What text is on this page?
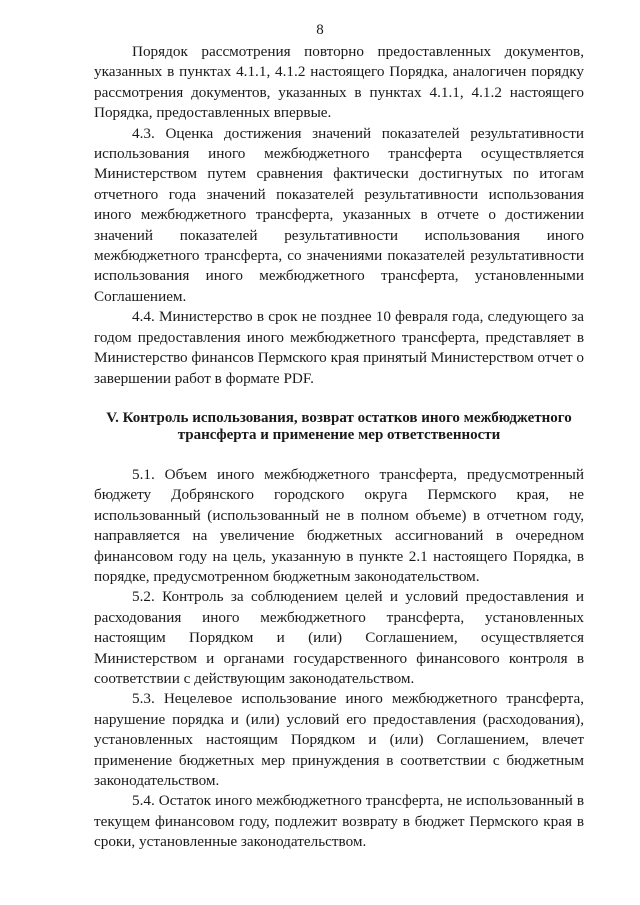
8

Порядок рассмотрения повторно предоставленных документов, указанных в пунктах 4.1.1, 4.1.2 настоящего Порядка, аналогичен порядку рассмотрения документов, указанных в пунктах 4.1.1, 4.1.2 настоящего Порядка, предоставленных впервые.

4.3. Оценка достижения значений показателей результативности использования иного межбюджетного трансферта осуществляется Министерством путем сравнения фактически достигнутых по итогам отчетного года значений показателей результативности использования иного межбюджетного трансферта, указанных в отчете о достижении значений показателей результативности использования иного межбюджетного трансферта, со значениями показателей результативности использования иного межбюджетного трансферта, установленными Соглашением.

4.4. Министерство в срок не позднее 10 февраля года, следующего за годом предоставления иного межбюджетного трансферта, представляет в Министерство финансов Пермского края принятый Министерством отчет о завершении работ в формате PDF.

V. Контроль использования, возврат остатков иного межбюджетного трансферта и применение мер ответственности

5.1. Объем иного межбюджетного трансферта, предусмотренный бюджету Добрянского городского округа Пермского края, не использованный (использованный не в полном объеме) в отчетном году, направляется на увеличение бюджетных ассигнований в очередном финансовом году на цель, указанную в пункте 2.1 настоящего Порядка, в порядке, предусмотренном бюджетным законодательством.

5.2. Контроль за соблюдением целей и условий предоставления и расходования иного межбюджетного трансферта, установленных настоящим Порядком и (или) Соглашением, осуществляется Министерством и органами государственного финансового контроля в соответствии с действующим законодательством.

5.3. Нецелевое использование иного межбюджетного трансферта, нарушение порядка и (или) условий его предоставления (расходования), установленных настоящим Порядком и (или) Соглашением, влечет применение бюджетных мер принуждения в соответствии с бюджетным законодательством.

5.4. Остаток иного межбюджетного трансферта, не использованный в текущем финансовом году, подлежит возврату в бюджет Пермского края в сроки, установленные законодательством.
